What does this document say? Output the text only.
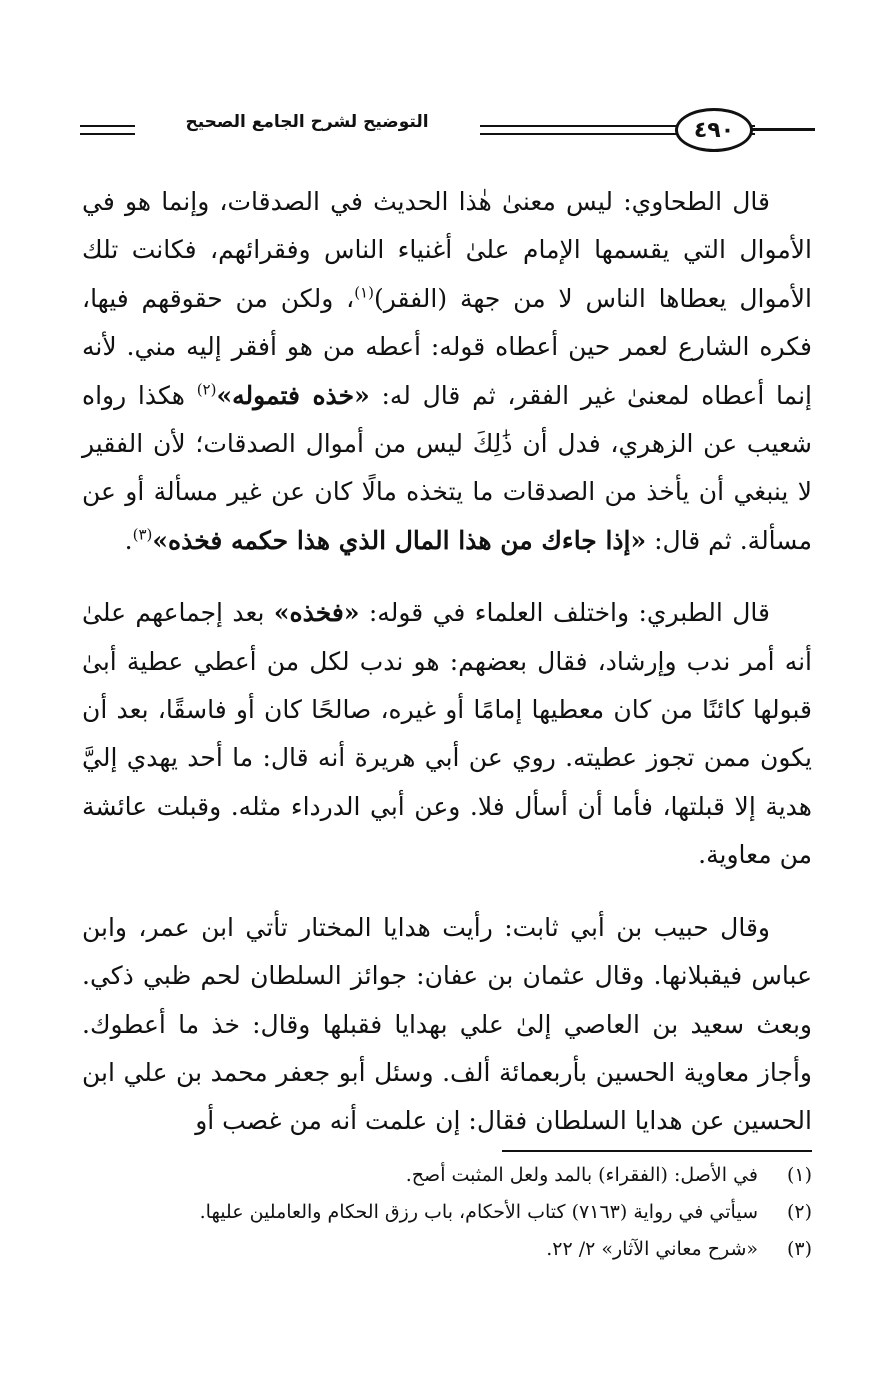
٤٩٠
التوضيح لشرح الجامع الصحيح

قال الطحاوي: ليس معنىٰ هٰذا الحديث في الصدقات، وإنما هو في الأموال التي يقسمها الإمام علىٰ أغنياء الناس وفقرائهم، فكانت تلك الأموال يعطاها الناس لا من جهة (الفقر)$^{(١)}$، ولكن من حقوقهم فيها، فكره الشارع لعمر حين أعطاه قوله: أعطه من هو أفقر إليه مني. لأنه إنما أعطاه لمعنىٰ غير الفقر، ثم قال له: «خذه فتموله»$^{(٢)}$ هكذا رواه شعيب عن الزهري، فدل أن ذَٰلِكَ ليس من أموال الصدقات؛ لأن الفقير لا ينبغي أن يأخذ من الصدقات ما يتخذه مالًا كان عن غير مسألة أو عن مسألة. ثم قال: «إذا جاءك من هذا المال الذي هذا حكمه فخذه»$^{(٣)}$.

قال الطبري: واختلف العلماء في قوله: «فخذه» بعد إجماعهم علىٰ أنه أمر ندب وإرشاد، فقال بعضهم: هو ندب لكل من أعطي عطية أبىٰ قبولها كائنًا من كان معطيها إمامًا أو غيره، صالحًا كان أو فاسقًا، بعد أن يكون ممن تجوز عطيته. روي عن أبي هريرة أنه قال: ما أحد يهدي إليَّ هدية إلا قبلتها، فأما أن أسأل فلا. وعن أبي الدرداء مثله. وقبلت عائشة من معاوية.

وقال حبيب بن أبي ثابت: رأيت هدايا المختار تأتي ابن عمر، وابن عباس فيقبلانها. وقال عثمان بن عفان: جوائز السلطان لحم ظبي ذكي. وبعث سعيد بن العاصي إلىٰ علي بهدايا فقبلها وقال: خذ ما أعطوك. وأجاز معاوية الحسين بأربعمائة ألف. وسئل أبو جعفر محمد بن علي ابن الحسين عن هدايا السلطان فقال: إن علمت أنه من غصب أو

(١)
في الأصل: (الفقراء) بالمد ولعل المثبت أصح.
(٢)
سيأتي في رواية (٧١٦٣) كتاب الأحكام، باب رزق الحكام والعاملين عليها.
(٣)
«شرح معاني الآثار» ٢/ ٢٢.
